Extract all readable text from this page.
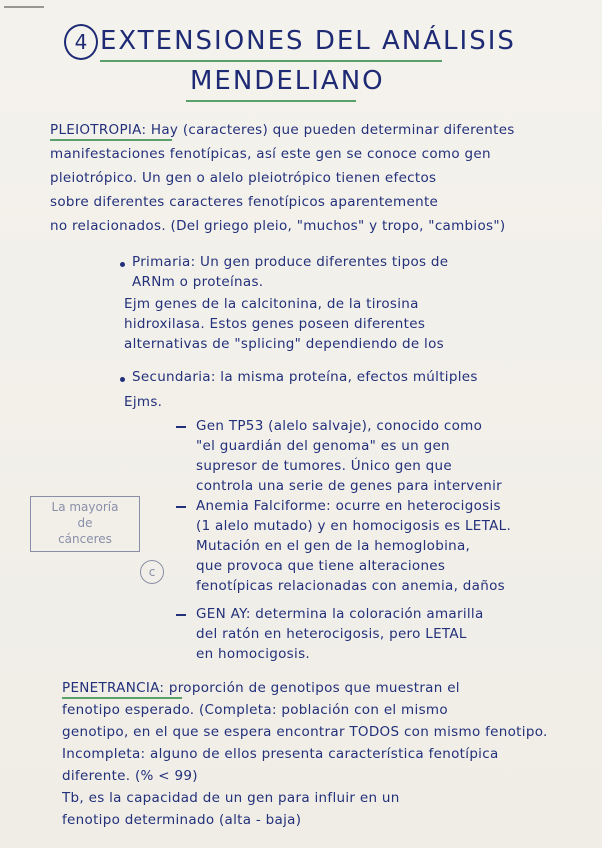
4 EXTENSIONES DEL ANÁLISIS
MENDELIANO
PLEIOTROPIA: Hay (caracteres) que pueden determinar diferentes
manifestaciones fenotípicas, así este gen se conoce como gen
pleiotrópico. Un gen o alelo pleiotrópico tienen efectos
sobre diferentes caracteres fenotípicos aparentemente
no relacionados. (Del griego pleio, "muchos" y tropo, "cambios")
Primaria: Un gen produce diferentes tipos de
ARNm o proteínas.
Ejm genes de la calcitonina, de la tirosina
hidroxilasa. Estos genes poseen diferentes
alternativas de "splicing" dependiendo de los
Secundaria: la misma proteína, efectos múltiples
Ejms.
Gen TP53 (alelo salvaje), conocido como
"el guardián del genoma" es un gen
supresor de tumores. Único gen que
controla una serie de genes para intervenir
Anemia Falciforme: ocurre en heterocigosis
(1 alelo mutado) y en homocigosis es LETAL.
Mutación en el gen de la hemoglobina,
que provoca que tiene alteraciones
fenotípicas relacionadas con anemia, daños
GEN AY: determina la coloración amarilla
del ratón en heterocigosis, pero LETAL
en homocigosis.
La mayoría
de
cánceres
c
PENETRANCIA: proporción de genotipos que muestran el
fenotipo esperado. (Completa: población con el mismo
genotipo, en el que se espera encontrar TODOS con mismo fenotipo.
Incompleta: alguno de ellos presenta característica fenotípica
diferente. (% < 99)
Tb, es la capacidad de un gen para influir en un
fenotipo determinado (alta - baja)
